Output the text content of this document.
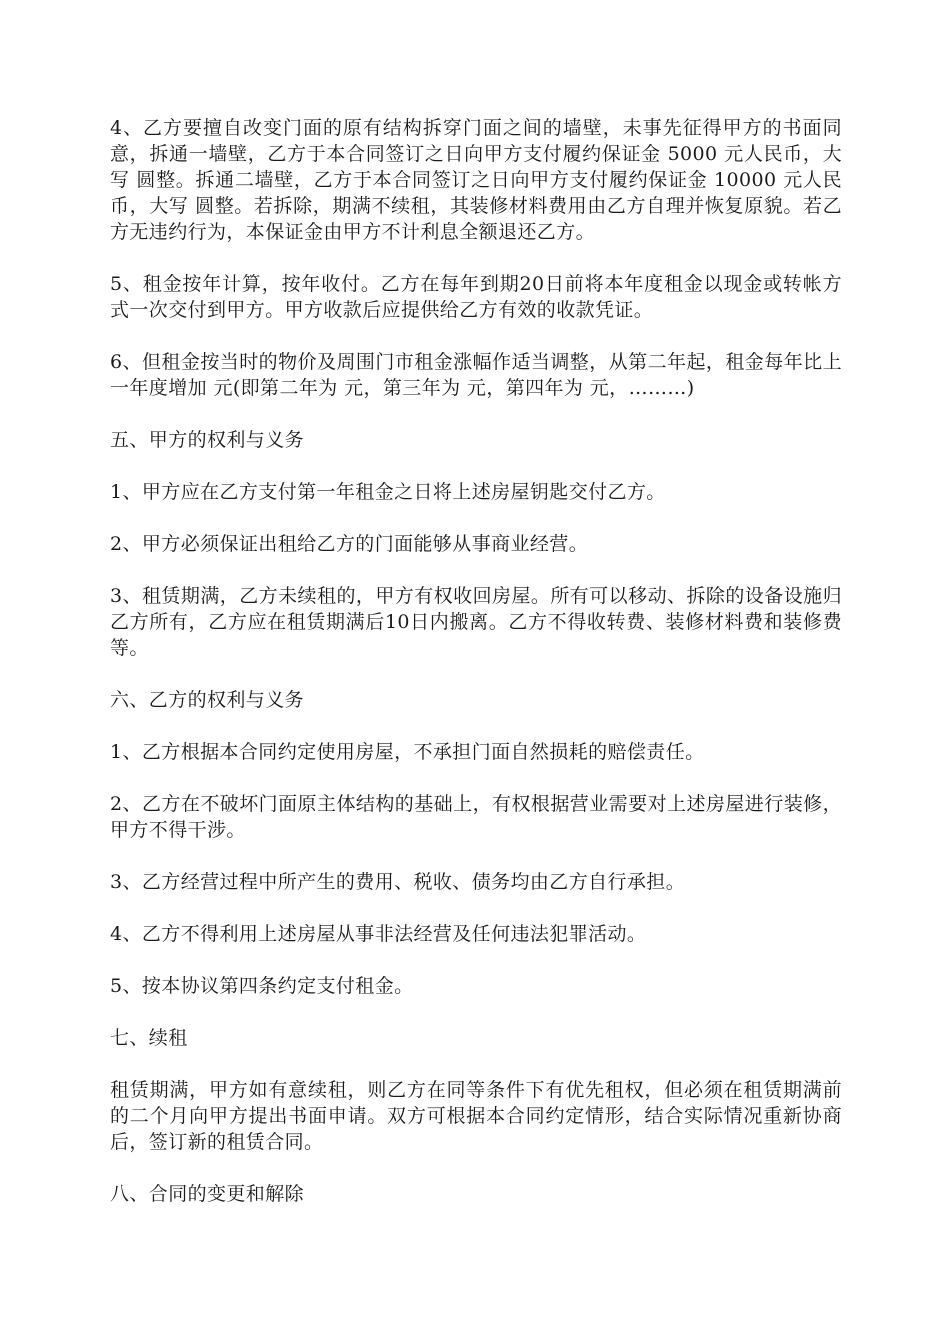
4、乙方要擅自改变门面的原有结构拆穿门面之间的墙壁，未事先征得甲方的书面同意，拆通一墙壁，乙方于本合同签订之日向甲方支付履约保证金 5000 元人民币，大写 圆整。拆通二墙壁，乙方于本合同签订之日向甲方支付履约保证金 10000 元人民币，大写 圆整。若拆除，期满不续租，其装修材料费用由乙方自理并恢复原貌。若乙方无违约行为，本保证金由甲方不计利息全额退还乙方。

5、租金按年计算，按年收付。乙方在每年到期20日前将本年度租金以现金或转帐方式一次交付到甲方。甲方收款后应提供给乙方有效的收款凭证。

6、但租金按当时的物价及周围门市租金涨幅作适当调整，从第二年起，租金每年比上一年度增加 元(即第二年为 元，第三年为 元，第四年为 元，………)

五、甲方的权利与义务

1、甲方应在乙方支付第一年租金之日将上述房屋钥匙交付乙方。

2、甲方必须保证出租给乙方的门面能够从事商业经营。

3、租赁期满，乙方未续租的，甲方有权收回房屋。所有可以移动、拆除的设备设施归乙方所有，乙方应在租赁期满后10日内搬离。乙方不得收转费、装修材料费和装修费等。

六、乙方的权利与义务

1、乙方根据本合同约定使用房屋，不承担门面自然损耗的赔偿责任。

2、乙方在不破坏门面原主体结构的基础上，有权根据营业需要对上述房屋进行装修，甲方不得干涉。

3、乙方经营过程中所产生的费用、税收、债务均由乙方自行承担。

4、乙方不得利用上述房屋从事非法经营及任何违法犯罪活动。

5、按本协议第四条约定支付租金。

七、续租

租赁期满，甲方如有意续租，则乙方在同等条件下有优先租权，但必须在租赁期满前的二个月向甲方提出书面申请。双方可根据本合同约定情形，结合实际情况重新协商后，签订新的租赁合同。

八、合同的变更和解除
